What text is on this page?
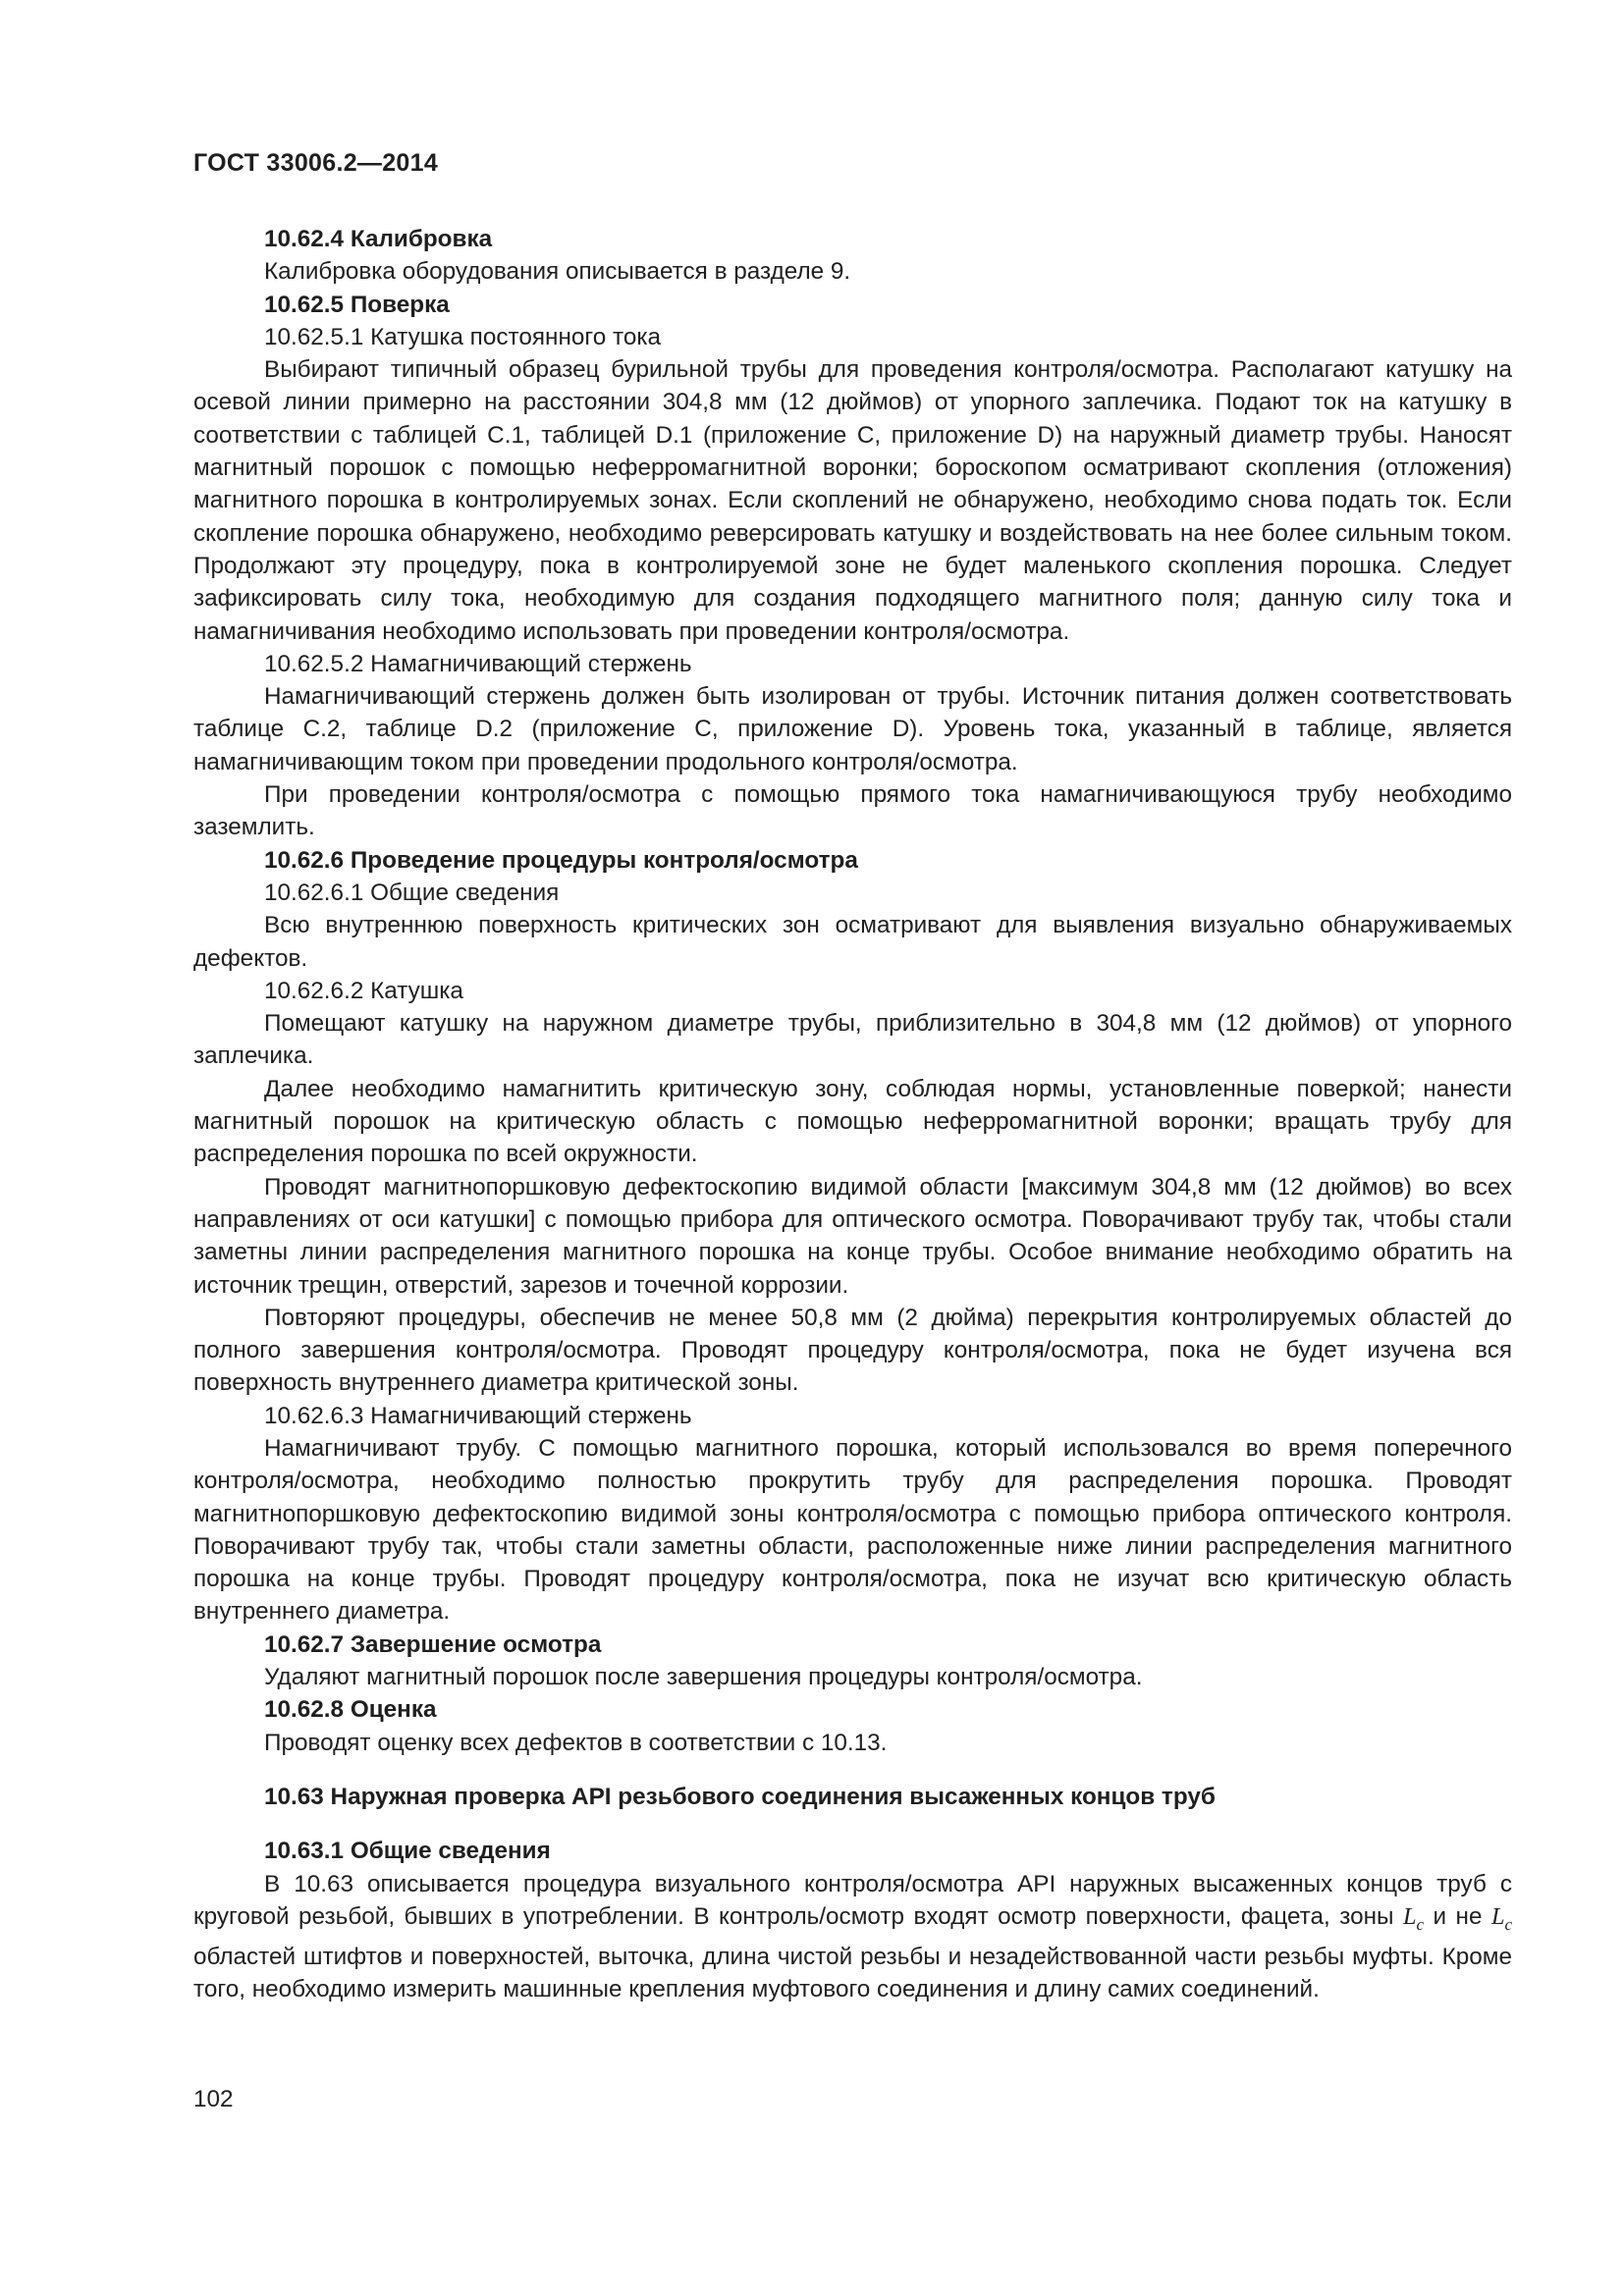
ГОСТ 33006.2—2014

10.62.4 Калибровка

Калибровка оборудования описывается в разделе 9.

10.62.5 Поверка

10.62.5.1 Катушка постоянного тока

Выбирают типичный образец бурильной трубы для проведения контроля/осмотра. Располагают катушку на осевой линии примерно на расстоянии 304,8 мм (12 дюймов) от упорного заплечика. Подают ток на катушку в соответствии с таблицей С.1, таблицей D.1 (приложение С, приложение D) на наружный диаметр трубы. Наносят магнитный порошок с помощью неферромагнитной воронки; бороскопом осматривают скопления (отложения) магнитного порошка в контролируемых зонах. Если скоплений не обнаружено, необходимо снова подать ток. Если скопление порошка обнаружено, необходимо реверсировать катушку и воздействовать на нее более сильным током. Продолжают эту процедуру, пока в контролируемой зоне не будет маленького скопления порошка. Следует зафиксировать силу тока, необходимую для создания подходящего магнитного поля; данную силу тока и намагничивания необходимо использовать при проведении контроля/осмотра.

10.62.5.2 Намагничивающий стержень

Намагничивающий стержень должен быть изолирован от трубы. Источник питания должен соответствовать таблице С.2, таблице D.2 (приложение С, приложение D). Уровень тока, указанный в таблице, является намагничивающим током при проведении продольного контроля/осмотра.

При проведении контроля/осмотра с помощью прямого тока намагничивающуюся трубу необходимо заземлить.

10.62.6 Проведение процедуры контроля/осмотра

10.62.6.1 Общие сведения

Всю внутреннюю поверхность критических зон осматривают для выявления визуально обнаруживаемых дефектов.

10.62.6.2 Катушка

Помещают катушку на наружном диаметре трубы, приблизительно в 304,8 мм (12 дюймов) от упорного заплечика.

Далее необходимо намагнитить критическую зону, соблюдая нормы, установленные поверкой; нанести магнитный порошок на критическую область с помощью неферромагнитной воронки; вращать трубу для распределения порошка по всей окружности.

Проводят магнитнопоршковую дефектоскопию видимой области [максимум 304,8 мм (12 дюймов) во всех направлениях от оси катушки] с помощью прибора для оптического осмотра. Поворачивают трубу так, чтобы стали заметны линии распределения магнитного порошка на конце трубы. Особое внимание необходимо обратить на источник трещин, отверстий, зарезов и точечной коррозии.

Повторяют процедуры, обеспечив не менее 50,8 мм (2 дюйма) перекрытия контролируемых областей до полного завершения контроля/осмотра. Проводят процедуру контроля/осмотра, пока не будет изучена вся поверхность внутреннего диаметра критической зоны.

10.62.6.3 Намагничивающий стержень

Намагничивают трубу. С помощью магнитного порошка, который использовался во время поперечного контроля/осмотра, необходимо полностью прокрутить трубу для распределения порошка. Проводят магнитнопоршковую дефектоскопию видимой зоны контроля/осмотра с помощью прибора оптического контроля. Поворачивают трубу так, чтобы стали заметны области, расположенные ниже линии распределения магнитного порошка на конце трубы. Проводят процедуру контроля/осмотра, пока не изучат всю критическую область внутреннего диаметра.

10.62.7 Завершение осмотра

Удаляют магнитный порошок после завершения процедуры контроля/осмотра.

10.62.8 Оценка

Проводят оценку всех дефектов в соответствии с 10.13.

10.63 Наружная проверка API резьбового соединения высаженных концов труб

10.63.1 Общие сведения

В 10.63 описывается процедура визуального контроля/осмотра API наружных высаженных концов труб с круговой резьбой, бывших в употреблении. В контроль/осмотр входят осмотр поверхности, фацета, зоны $L_c$ и не $L_c$ областей штифтов и поверхностей, выточка, длина чистой резьбы и незадействованной части резьбы муфты. Кроме того, необходимо измерить машинные крепления муфтового соединения и длину самих соединений.

102
